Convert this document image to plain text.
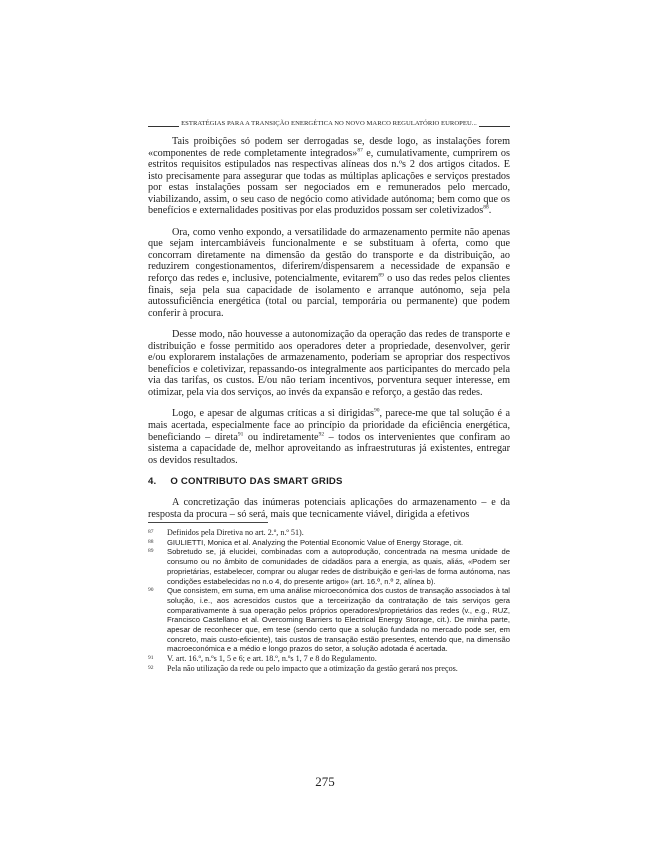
ESTRATÉGIAS PARA A TRANSIÇÃO ENERGÉTICA NO NOVO MARCO REGULATÓRIO EUROPEU...

Tais proibições só podem ser derrogadas se, desde logo, as instalações forem «componentes de rede completamente integrados»$^{87}$ e, cumulativamente, cumprirem os estritos requisitos estipulados nas respectivas alíneas dos n.ºs 2 dos artigos citados. E isto precisamente para assegurar que todas as múltiplas aplicações e serviços prestados por estas instalações possam ser negociados em e remunerados pelo mercado, viabilizando, assim, o seu caso de negócio como atividade autónoma; bem como que os benefícios e externalidades positivas por elas produzidos possam ser coletivizados$^{88}$.

Ora, como venho expondo, a versatilidade do armazenamento permite não apenas que sejam intercambiáveis funcionalmente e se substituam à oferta, como que concorram diretamente na dimensão da gestão do transporte e da distribuição, ao reduzirem congestionamentos, diferirem/dispensarem a necessidade de expansão e reforço das redes e, inclusive, potencialmente, evitarem$^{89}$ o uso das redes pelos clientes finais, seja pela sua capacidade de isolamento e arranque autónomo, seja pela autossuficiência energética (total ou parcial, temporária ou permanente) que podem conferir à procura.

Desse modo, não houvesse a autonomização da operação das redes de transporte e distribuição e fosse permitido aos operadores deter a propriedade, desenvolver, gerir e/ou explorarem instalações de armazenamento, poderiam se apropriar dos respectivos benefícios e coletivizar, repassando-os integralmente aos participantes do mercado pela via das tarifas, os custos. E/ou não teriam incentivos, porventura sequer interesse, em otimizar, pela via dos serviços, ao invés da expansão e reforço, a gestão das redes.

Logo, e apesar de algumas críticas a si dirigidas$^{90}$, parece-me que tal solução é a mais acertada, especialmente face ao princípio da prioridade da eficiência energética, beneficiando – direta$^{91}$ ou indiretamente$^{92}$ – todos os intervenientes que confiram ao sistema a capacidade de, melhor aproveitando as infraestruturas já existentes, entregar os devidos resultados.

4. O CONTRIBUTO DAS SMART GRIDS

A concretização das inúmeras potenciais aplicações do armazenamento – e da resposta da procura – só será, mais que tecnicamente viável, dirigida a efetivos

87	Definidos pela Diretiva no art. 2.º, n.º 51).
88	GIULIETTI, Monica et al. Analyzing the Potential Economic Value of Energy Storage, cit.
89	Sobretudo se, já elucidei, combinadas com a autoprodução, concentrada na mesma unidade de consumo ou no âmbito de comunidades de cidadãos para a energia, as quais, aliás, «Podem ser proprietárias, estabelecer, comprar ou alugar redes de distribuição e geri-las de forma autónoma, nas condições estabelecidas no n.o 4, do presente artigo» (art. 16.º, n.º 2, alínea b).
90	Que consistem, em suma, em uma análise microeconómica dos custos de transação associados à tal solução, i.e., aos acrescidos custos que a terceirização da contratação de tais serviços gera comparativamente à sua operação pelos próprios operadores/proprietários das redes (v., e.g., RUZ, Francisco Castellano et al. Overcoming Barriers to Electrical Energy Storage, cit.). De minha parte, apesar de reconhecer que, em tese (sendo certo que a solução fundada no mercado pode ser, em concreto, mais custo-eficiente), tais custos de transação estão presentes, entendo que, na dimensão macroeconómica e a médio e longo prazos do setor, a solução adotada é acertada.
91	V. art. 16.º, n.ºs 1, 5 e 6; e art. 18.º, n.ºs 1, 7 e 8 do Regulamento.
92	Pela não utilização da rede ou pelo impacto que a otimização da gestão gerará nos preços.
275
